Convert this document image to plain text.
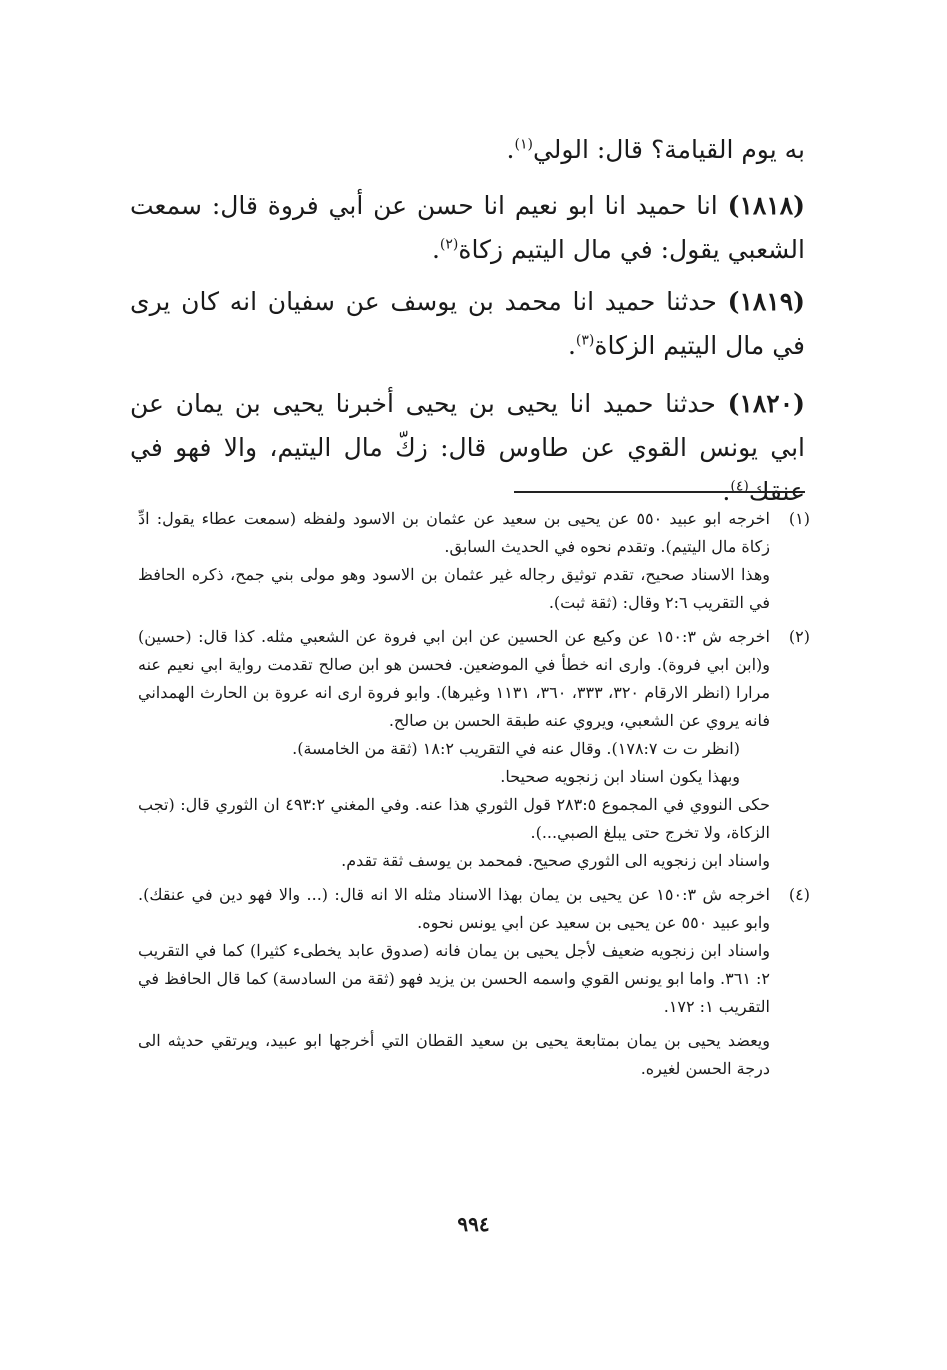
به يوم القيامة؟ قال: الولي$^{(١)}$.

(١٨١٨) انا حميد انا ابو نعيم انا حسن عن أبي فروة قال: سمعت الشعبي يقول: في مال اليتيم زكاة$^{(٢)}$.

(١٨١٩) حدثنا حميد انا محمد بن يوسف عن سفيان انه كان يرى في مال اليتيم الزكاة$^{(٣)}$.

(١٨٢٠) حدثنا حميد انا يحيى بن يحيى أخبرنا يحيى بن يمان عن ابي يونس القوي عن طاوس قال: زكّ مال اليتيم، والا فهو في عنقك$^{(٤)}$.

(١)
اخرجه ابو عبيد ٥٥٠ عن يحيى بن سعيد عن عثمان بن الاسود ولفظه (سمعت عطاء يقول: ادِّ زكاة مال اليتيم). وتقدم نحوه في الحديث السابق.
وهذا الاسناد صحيح، تقدم توثيق رجاله غير عثمان بن الاسود وهو مولى بني جمح، ذكره الحافظ في التقريب ٢:٦ وقال: (ثقة ثبت).
(٢)
اخرجه ش ١٥٠:٣ عن وكيع عن الحسين عن ابن ابي فروة عن الشعبي مثله. كذا قال: (حسين) و(ابن ابي فروة). وارى انه خطأ في الموضعين. فحسن هو ابن صالح تقدمت رواية ابي نعيم عنه مرارا (انظر الارقام ٣٢٠، ٣٣٣، ٣٦٠، ١١٣١ وغيرها). وابو فروة ارى انه عروة بن الحارث الهمداني فانه يروي عن الشعبي، ويروي عنه طبقة الحسن بن صالح.
(انظر ت ت ١٧٨:٧). وقال عنه في التقريب ١٨:٢ (ثقة من الخامسة).
وبهذا يكون اسناد ابن زنجويه صحيحا.
حكى النووي في المجموع ٢٨٣:٥ قول الثوري هذا عنه. وفي المغني ٤٩٣:٢ ان الثوري قال: (تجب الزكاة، ولا تخرج حتى يبلغ الصبي...).
واسناد ابن زنجويه الى الثوري صحيح. فمحمد بن يوسف ثقة تقدم.
(٤)
اخرجه ش ١٥٠:٣ عن يحيى بن يمان بهذا الاسناد مثله الا انه قال: (... والا فهو دين في عنقك). وابو عبيد ٥٥٠ عن يحيى بن سعيد عن ابي يونس نحوه.
واسناد ابن زنجويه ضعيف لأجل يحيى بن يمان فانه (صدوق عابد يخطىء كثيرا) كما في التقريب ٢: ٣٦١. واما ابو يونس القوي واسمه الحسن بن يزيد فهو (ثقة من السادسة) كما قال الحافظ في التقريب ١: ١٧٢.
ويعضد يحيى بن يمان بمتابعة يحيى بن سعيد القطان التي أخرجها ابو عبيد، ويرتقي حديثه الى درجة الحسن لغيره.
٩٩٤
